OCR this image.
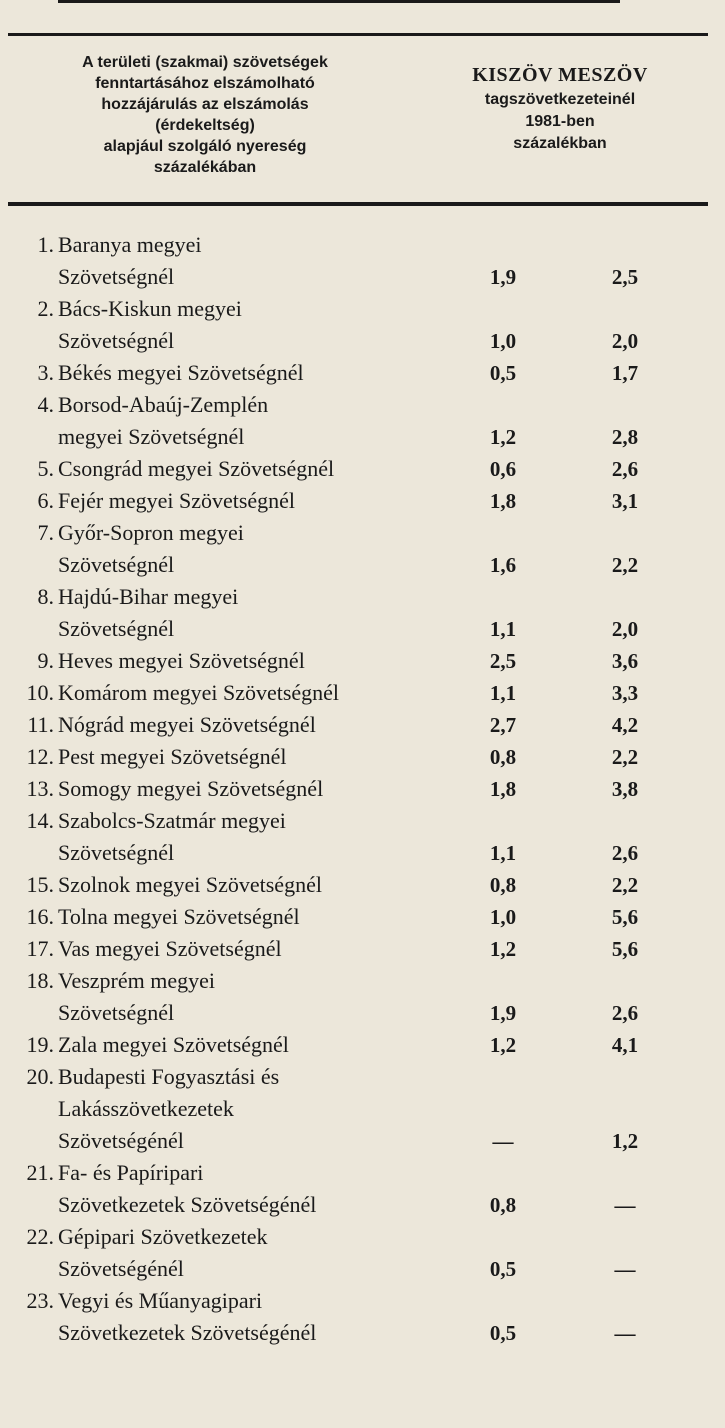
A területi (szakmai) szövetségek
fenntartásához elszámolható
hozzájárulás az elszámolás
(érdekeltség)
alapjául szolgáló nyereség
százalékában
KISZÖV MESZÖV
tagszövetkezeteinél
1981-ben
százalékban
1. Baranya megyei
Szövetségnél	1,9	2,5
2. Bács-Kiskun megyei
Szövetségnél	1,0	2,0
3. Békés megyei Szövetségnél	0,5	1,7
4. Borsod-Abaúj-Zemplén
megyei Szövetségnél	1,2	2,8
5. Csongrád megyei Szövetségnél	0,6	2,6
6. Fejér megyei Szövetségnél	1,8	3,1
7. Győr-Sopron megyei
Szövetségnél	1,6	2,2
8. Hajdú-Bihar megyei
Szövetségnél	1,1	2,0
9. Heves megyei Szövetségnél	2,5	3,6
10. Komárom megyei Szövetségnél	1,1	3,3
11. Nógrád megyei Szövetségnél	2,7	4,2
12. Pest megyei Szövetségnél	0,8	2,2
13. Somogy megyei Szövetségnél	1,8	3,8
14. Szabolcs-Szatmár megyei
Szövetségnél	1,1	2,6
15. Szolnok megyei Szövetségnél	0,8	2,2
16. Tolna megyei Szövetségnél	1,0	5,6
17. Vas megyei Szövetségnél	1,2	5,6
18. Veszprém megyei
Szövetségnél	1,9	2,6
19. Zala megyei Szövetségnél	1,2	4,1
20. Budapesti Fogyasztási és
Lakásszövetkezetek
Szövetségénél	—	1,2
21. Fa- és Papíripari
Szövetkezetek Szövetségénél	0,8	—
22. Gépipari Szövetkezetek
Szövetségénél	0,5	—
23. Vegyi és Műanyagipari
Szövetkezetek Szövetségénél	0,5	—
